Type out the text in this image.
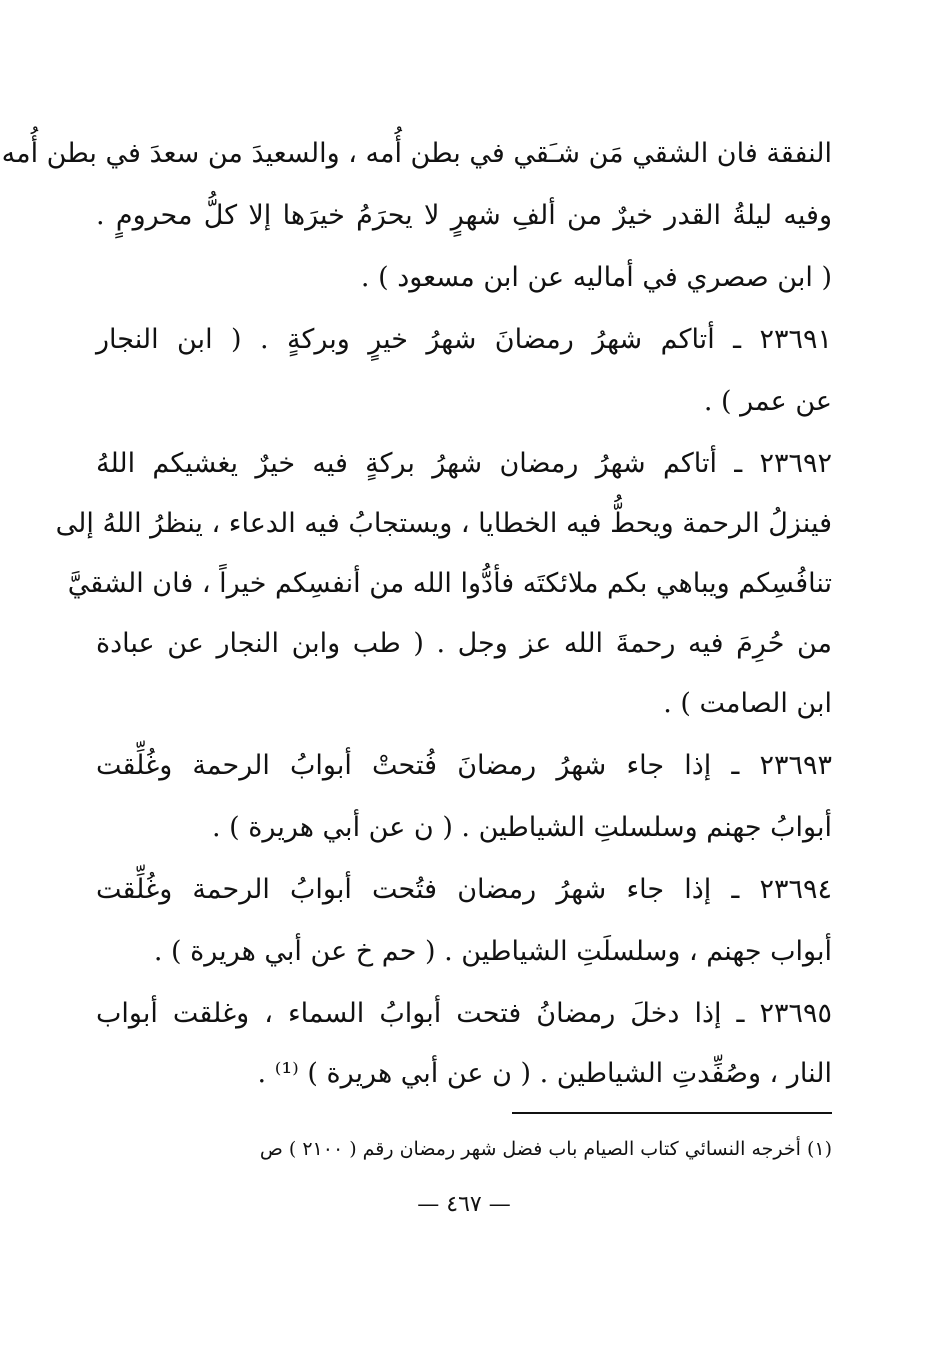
النفقة فان الشقي مَن شـَقي في بطن أُمه ، والسعيدَ من سعدَ في بطن أُمه
وفيه ليلةُ القدر خيرٌ من ألفِ شهرٍ لا يحرَمُ خيرَها إلا كلُّ محرومٍ .
( ابن صصري في أماليه عن ابن مسعود ) .
٢٣٦٩١ ـ أتاكم شهرُ رمضانَ شهرُ خيرٍ وبركةٍ . ( ابن النجار
عن عمر ) .
٢٣٦٩٢ ـ أتاكم شهرُ رمضان شهرُ بركةٍ فيه خيرٌ يغشيكم اللهُ
فينزلُ الرحمة ويحطُّ فيه الخطايا ، ويستجابُ فيه الدعاء ، ينظرُ اللهُ إلى
تنافُسِكم ويباهي بكم ملائكتَه فأدُّوا الله من أنفسِكم خيراً ، فان الشقيَّ
من حُرِمَ فيه رحمةَ الله عز وجل . ( طب وابن النجار عن عبادة
ابن الصامت ) .
٢٣٦٩٣ ـ إذا جاء شهرُ رمضانَ فُتحتْ أبوابُ الرحمة وغُلِّقت
أبوابُ جهنم وسلسلتِ الشياطين . ( ن عن أبي هريرة ) .
٢٣٦٩٤ ـ إذا جاء شهرُ رمضان فتُحت أبوابُ الرحمة وغُلِّقت
أبواب جهنم ، وسلسلَتِ الشياطين . ( حم خ عن أبي هريرة ) .
٢٣٦٩٥ ـ إذا دخلَ رمضانُ فتحت أبوابُ السماء ، وغلقت أبواب
النار ، وصُفِّدتِ الشياطين . ( ن عن أبي هريرة ) ⁽¹⁾ .
(١) أخرجه النسائي كتاب الصيام باب فضل شهر رمضان رقم ( ٢١٠٠ ) ص
— ٤٦٧ —
